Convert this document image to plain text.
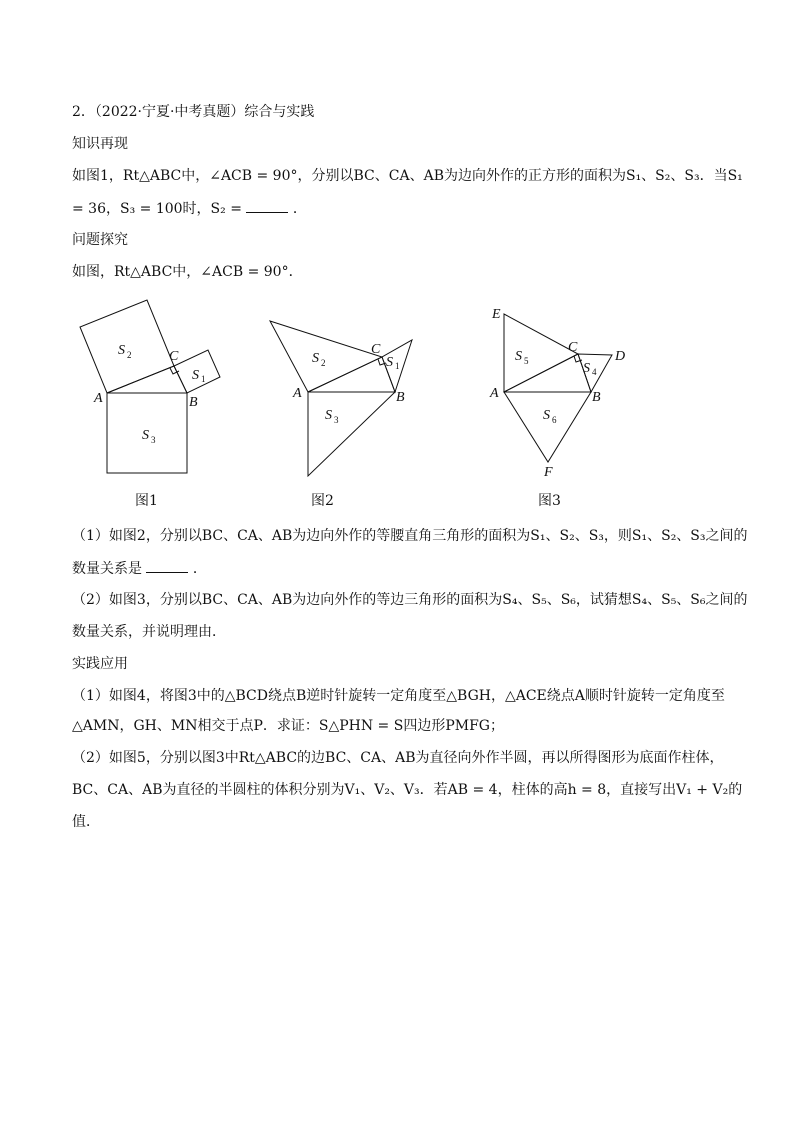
2．（2022·宁夏·中考真题）综合与实践
知识再现
如图1，Rt△ABC中，∠ACB = 90°，分别以BC、CA、AB为边向外作的正方形的面积为S₁、S₂、S₃．当S₁
= 36，S₃ = 100时，S₂ =	．
问题探究
如图，Rt△ABC中，∠ACB = 90°．
A	B
C
S 2
S 1
S 3
A	B
C
S 2	S 1
S 3
E
A	B
C
D
F
S 5	S 4
S 6
图1	图2	图3
（1）如图2，分别以BC、CA、AB为边向外作的等腰直角三角形的面积为S₁、S₂、S₃，则S₁、S₂、S₃之间的
数量关系是	．
（2）如图3，分别以BC、CA、AB为边向外作的等边三角形的面积为S₄、S₅、S₆，试猜想S₄、S₅、S₆之间的
数量关系，并说明理由．
实践应用
（1）如图4，将图3中的△BCD绕点B逆时针旋转一定角度至△BGH，△ACE绕点A顺时针旋转一定角度至
△AMN，GH、MN相交于点P．求证：S△PHN = S四边形PMFG；
（2）如图5，分别以图3中Rt△ABC的边BC、CA、AB为直径向外作半圆，再以所得图形为底面作柱体，
BC、CA、AB为直径的半圆柱的体积分别为V₁、V₂、V₃．若AB = 4，柱体的高h = 8，直接写出V₁ + V₂的
值．
